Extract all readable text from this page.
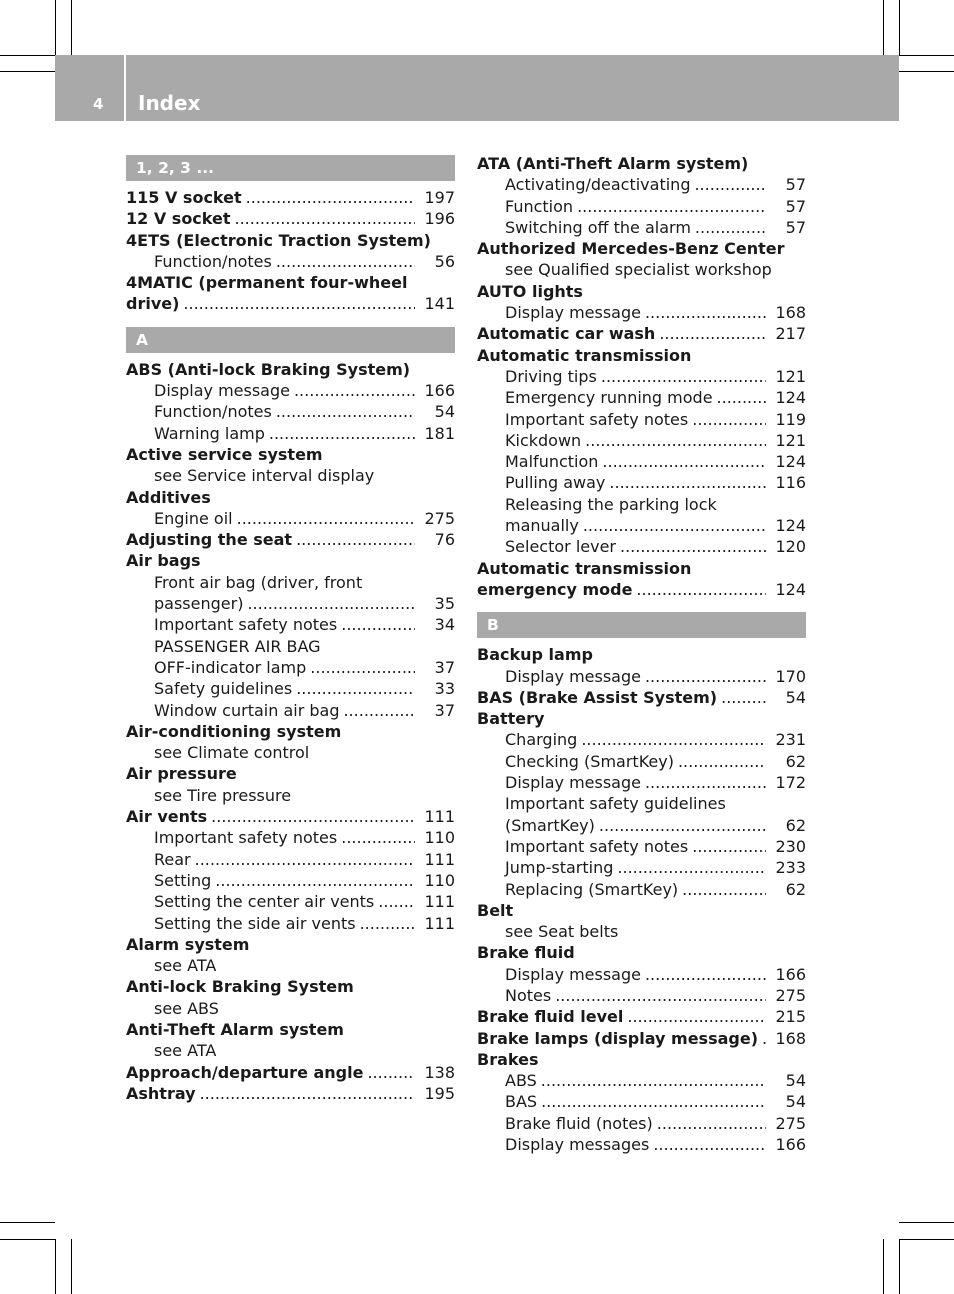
4 Index
1, 2, 3 ...
115 V socket .....	197
12 V socket .....	196
4ETS (Electronic Traction System)
Function/notes .....	56
4MATIC (permanent four-wheel
drive) .....	141
A
ABS (Anti-lock Braking System)
Display message .....	166
Function/notes .....	54
Warning lamp .....	181
Active service system
see Service interval display
Additives
Engine oil .....	275
Adjusting the seat .....	76
Air bags
Front air bag (driver, front
passenger) .....	35
Important safety notes .....	34
PASSENGER AIR BAG
OFF-indicator lamp .....	37
Safety guidelines .....	33
Window curtain air bag .....	37
Air-conditioning system
see Climate control
Air pressure
see Tire pressure
Air vents .....	111
Important safety notes .....	110
Rear .....	111
Setting .....	110
Setting the center air vents .....	111
Setting the side air vents .....	111
Alarm system
see ATA
Anti-lock Braking System
see ABS
Anti-Theft Alarm system
see ATA
Approach/departure angle .....	138
Ashtray .....	195
ATA (Anti-Theft Alarm system)
Activating/deactivating .....	57
Function .....	57
Switching off the alarm .....	57
Authorized Mercedes-Benz Center
see Qualified specialist workshop
AUTO lights
Display message .....	168
Automatic car wash .....	217
Automatic transmission
Driving tips .....	121
Emergency running mode .....	124
Important safety notes .....	119
Kickdown .....	121
Malfunction .....	124
Pulling away .....	116
Releasing the parking lock
manually .....	124
Selector lever .....	120
Automatic transmission
emergency mode .....	124
B
Backup lamp
Display message .....	170
BAS (Brake Assist System) .....	54
Battery
Charging .....	231
Checking (SmartKey) .....	62
Display message .....	172
Important safety guidelines
(SmartKey) .....	62
Important safety notes .....	230
Jump-starting .....	233
Replacing (SmartKey) .....	62
Belt
see Seat belts
Brake fluid
Display message .....	166
Notes .....	275
Brake fluid level .....	215
Brake lamps (display message) ..... 168
Brakes
ABS .....	54
BAS .....	54
Brake fluid (notes) .....	275
Display messages .....	166
